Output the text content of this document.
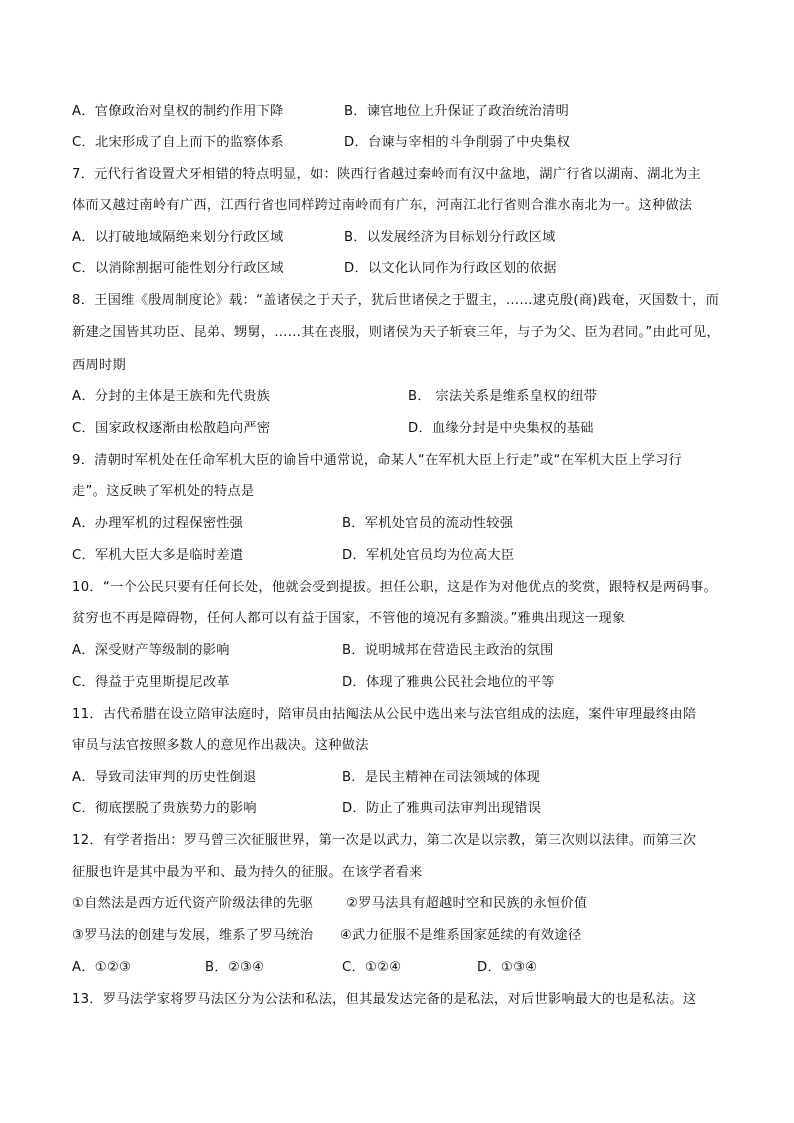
A．官僚政治对皇权的制约作用下降	B．谏官地位上升保证了政治统治清明
C．北宋形成了自上而下的监察体系	D．台谏与宰相的斗争削弱了中央集权
7．元代行省设置犬牙相错的特点明显，如：陕西行省越过秦岭而有汉中盆地，湖广行省以湖南、湖北为主
体而又越过南岭有广西，江西行省也同样跨过南岭而有广东，河南江北行省则合淮水南北为一。这种做法
A．以打破地域隔绝来划分行政区域	B．以发展经济为目标划分行政区域
C．以消除割据可能性划分行政区域	D．以文化认同作为行政区划的依据
8．王国维《殷周制度论》载：“盖诸侯之于天子，犹后世诸侯之于盟主，……逮克殷(商)践奄，灭国数十，而
新建之国皆其功臣、昆弟、甥舅，……其在丧服，则诸侯为天子斩衰三年，与子为父、臣为君同。”由此可见，
西周时期
A．分封的主体是王族和先代贵族	B． 宗法关系是维系皇权的纽带
C．国家政权逐渐由松散趋向严密	D．血缘分封是中央集权的基础
9．清朝时军机处在任命军机大臣的谕旨中通常说，命某人“在军机大臣上行走”或“在军机大臣上学习行
走”。这反映了军机处的特点是
A．办理军机的过程保密性强	B．军机处官员的流动性较强
C．军机大臣大多是临时差遣	D．军机处官员均为位高大臣
10．“一个公民只要有任何长处，他就会受到提拔。担任公职，这是作为对他优点的奖赏，跟特权是两码事。
贫穷也不再是障碍物，任何人都可以有益于国家，不管他的境况有多黯淡。”雅典出现这一现象
A．深受财产等级制的影响	B．说明城邦在营造民主政治的氛围
C．得益于克里斯提尼改革	D．体现了雅典公民社会地位的平等
11．古代希腊在设立陪审法庭时，陪审员由拈阄法从公民中选出来与法官组成的法庭，案件审理最终由陪
审员与法官按照多数人的意见作出裁决。这种做法
A．导致司法审判的历史性倒退	B．是民主精神在司法领域的体现
C．彻底摆脱了贵族势力的影响	D．防止了雅典司法审判出现错误
12．有学者指出：罗马曾三次征服世界，第一次是以武力，第二次是以宗教，第三次则以法律。而第三次
征服也许是其中最为平和、最为持久的征服。在该学者看来
①自然法是西方近代资产阶级法律的先驱 ②罗马法具有超越时空和民族的永恒价值
③罗马法的创建与发展，维系了罗马统治 ④武力征服不是维系国家延续的有效途径
A．①②③	B．②③④	C．①②④	D．①③④
13．罗马法学家将罗马法区分为公法和私法，但其最发达完备的是私法，对后世影响最大的也是私法。这
